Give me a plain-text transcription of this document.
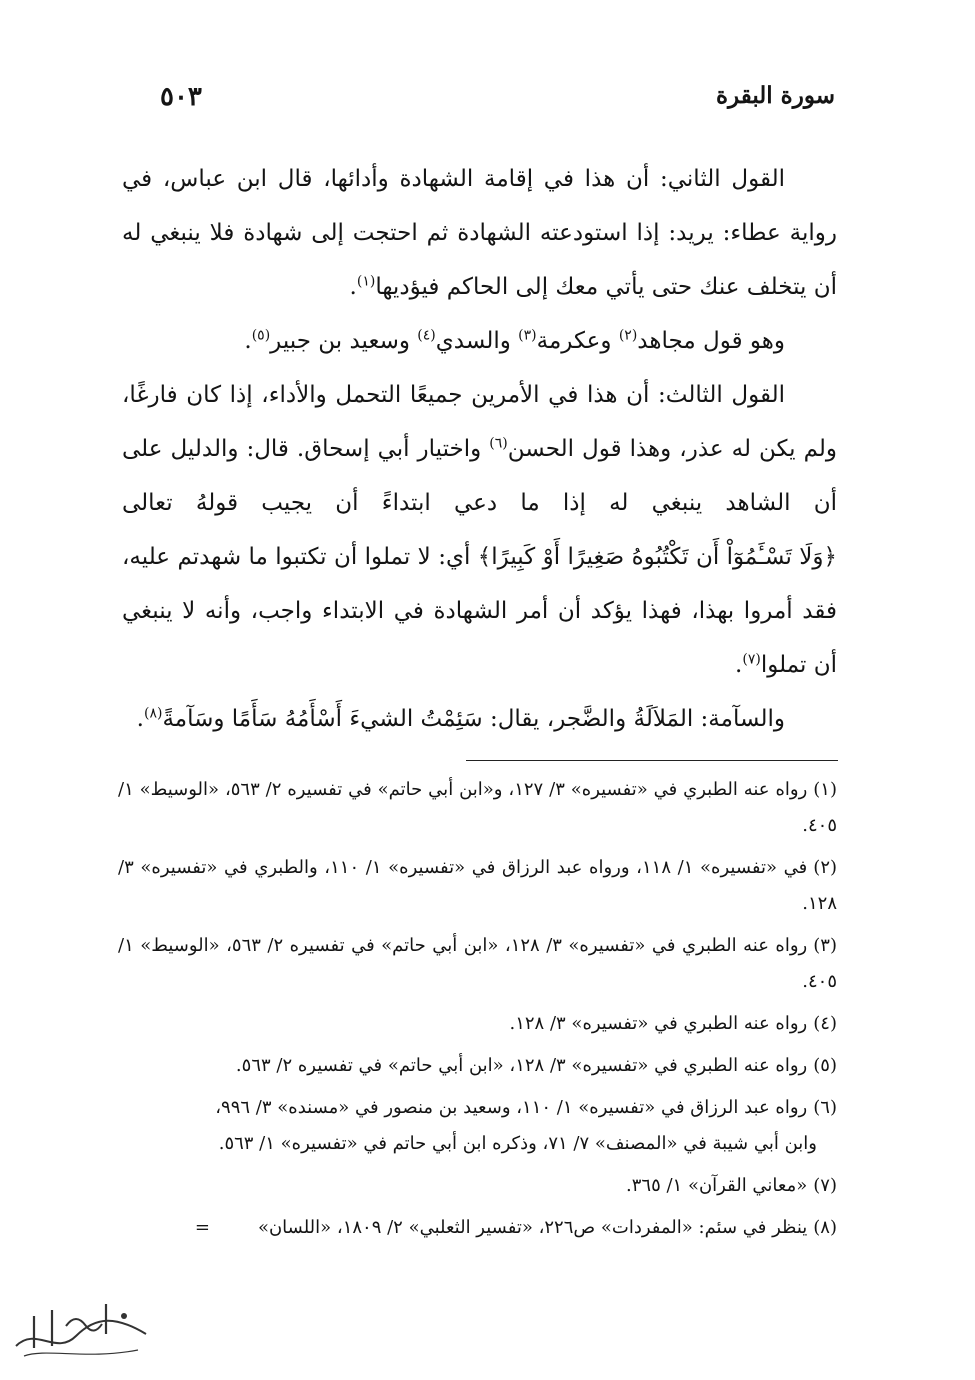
سورة البقرة
٥٠٣

القول الثاني: أن هذا في إقامة الشهادة وأدائها، قال ابن عباس، في رواية عطاء: يريد: إذا استودعته الشهادة ثم احتجت إلى شهادة فلا ينبغي له أن يتخلف عنك حتى يأتي معك إلى الحاكم فيؤديها$^{(١)}$.

وهو قول مجاهد$^{(٢)}$ وعكرمة$^{(٣)}$ والسدي$^{(٤)}$ وسعيد بن جبير$^{(٥)}$.

القول الثالث: أن هذا في الأمرين جميعًا التحمل والأداء، إذا كان فارغًا، ولم يكن له عذر، وهذا قول الحسن$^{(٦)}$ واختيار أبي إسحاق. قال: والدليل على أن الشاهد ينبغي له إذا ما دعي ابتداءً أن يجيب قولهُ تعالى ﴿وَلَا تَسْـَٔمُوٓاْ أَن تَكْتُبُوهُ صَغِيرًا أَوْ كَبِيرًا﴾ أي: لا تملوا أن تكتبوا ما شهدتم عليه، فقد أمروا بهذا، فهذا يؤكد أن أمر الشهادة في الابتداء واجب، وأنه لا ينبغي أن تملوا$^{(٧)}$.

والسآمة: المَلاَلَةُ والضَّجر، يقال: سَئِمْتُ الشيءَ أَسْأَمُهُ سَأَمًا وسَآمةً$^{(٨)}$.

(١)رواه عنه الطبري في «تفسيره» ٣/ ١٢٧، و«ابن أبي حاتم» في تفسيره ٢/ ٥٦٣، «الوسيط» ١/ ٤٠٥.

(٢)في «تفسيره» ١/ ١١٨، ورواه عبد الرزاق في «تفسيره» ١/ ١١٠، والطبري في «تفسيره» ٣/ ١٢٨.

(٣)رواه عنه الطبري في «تفسيره» ٣/ ١٢٨، «ابن أبي حاتم» في تفسيره ٢/ ٥٦٣، «الوسيط» ١/ ٤٠٥.

(٤)رواه عنه الطبري في «تفسيره» ٣/ ١٢٨.

(٥)رواه عنه الطبري في «تفسيره» ٣/ ١٢٨، «ابن أبي حاتم» في تفسيره ٢/ ٥٦٣.

(٦)رواه عبد الرزاق في «تفسيره» ١/ ١١٠، وسعيد بن منصور في «مسنده» ٣/ ٩٩٦،

وابن أبي شيبة في «المصنف» ٧/ ٧١، وذكره ابن أبي حاتم في «تفسيره» ١/ ٥٦٣.

(٧)«معاني القرآن» ١/ ٣٦٥.

(٨)ينظر في سئم: «المفردات» ص٢٢٦، «تفسير الثعلبي» ٢/ ١٨٠٩، «اللسان»=
